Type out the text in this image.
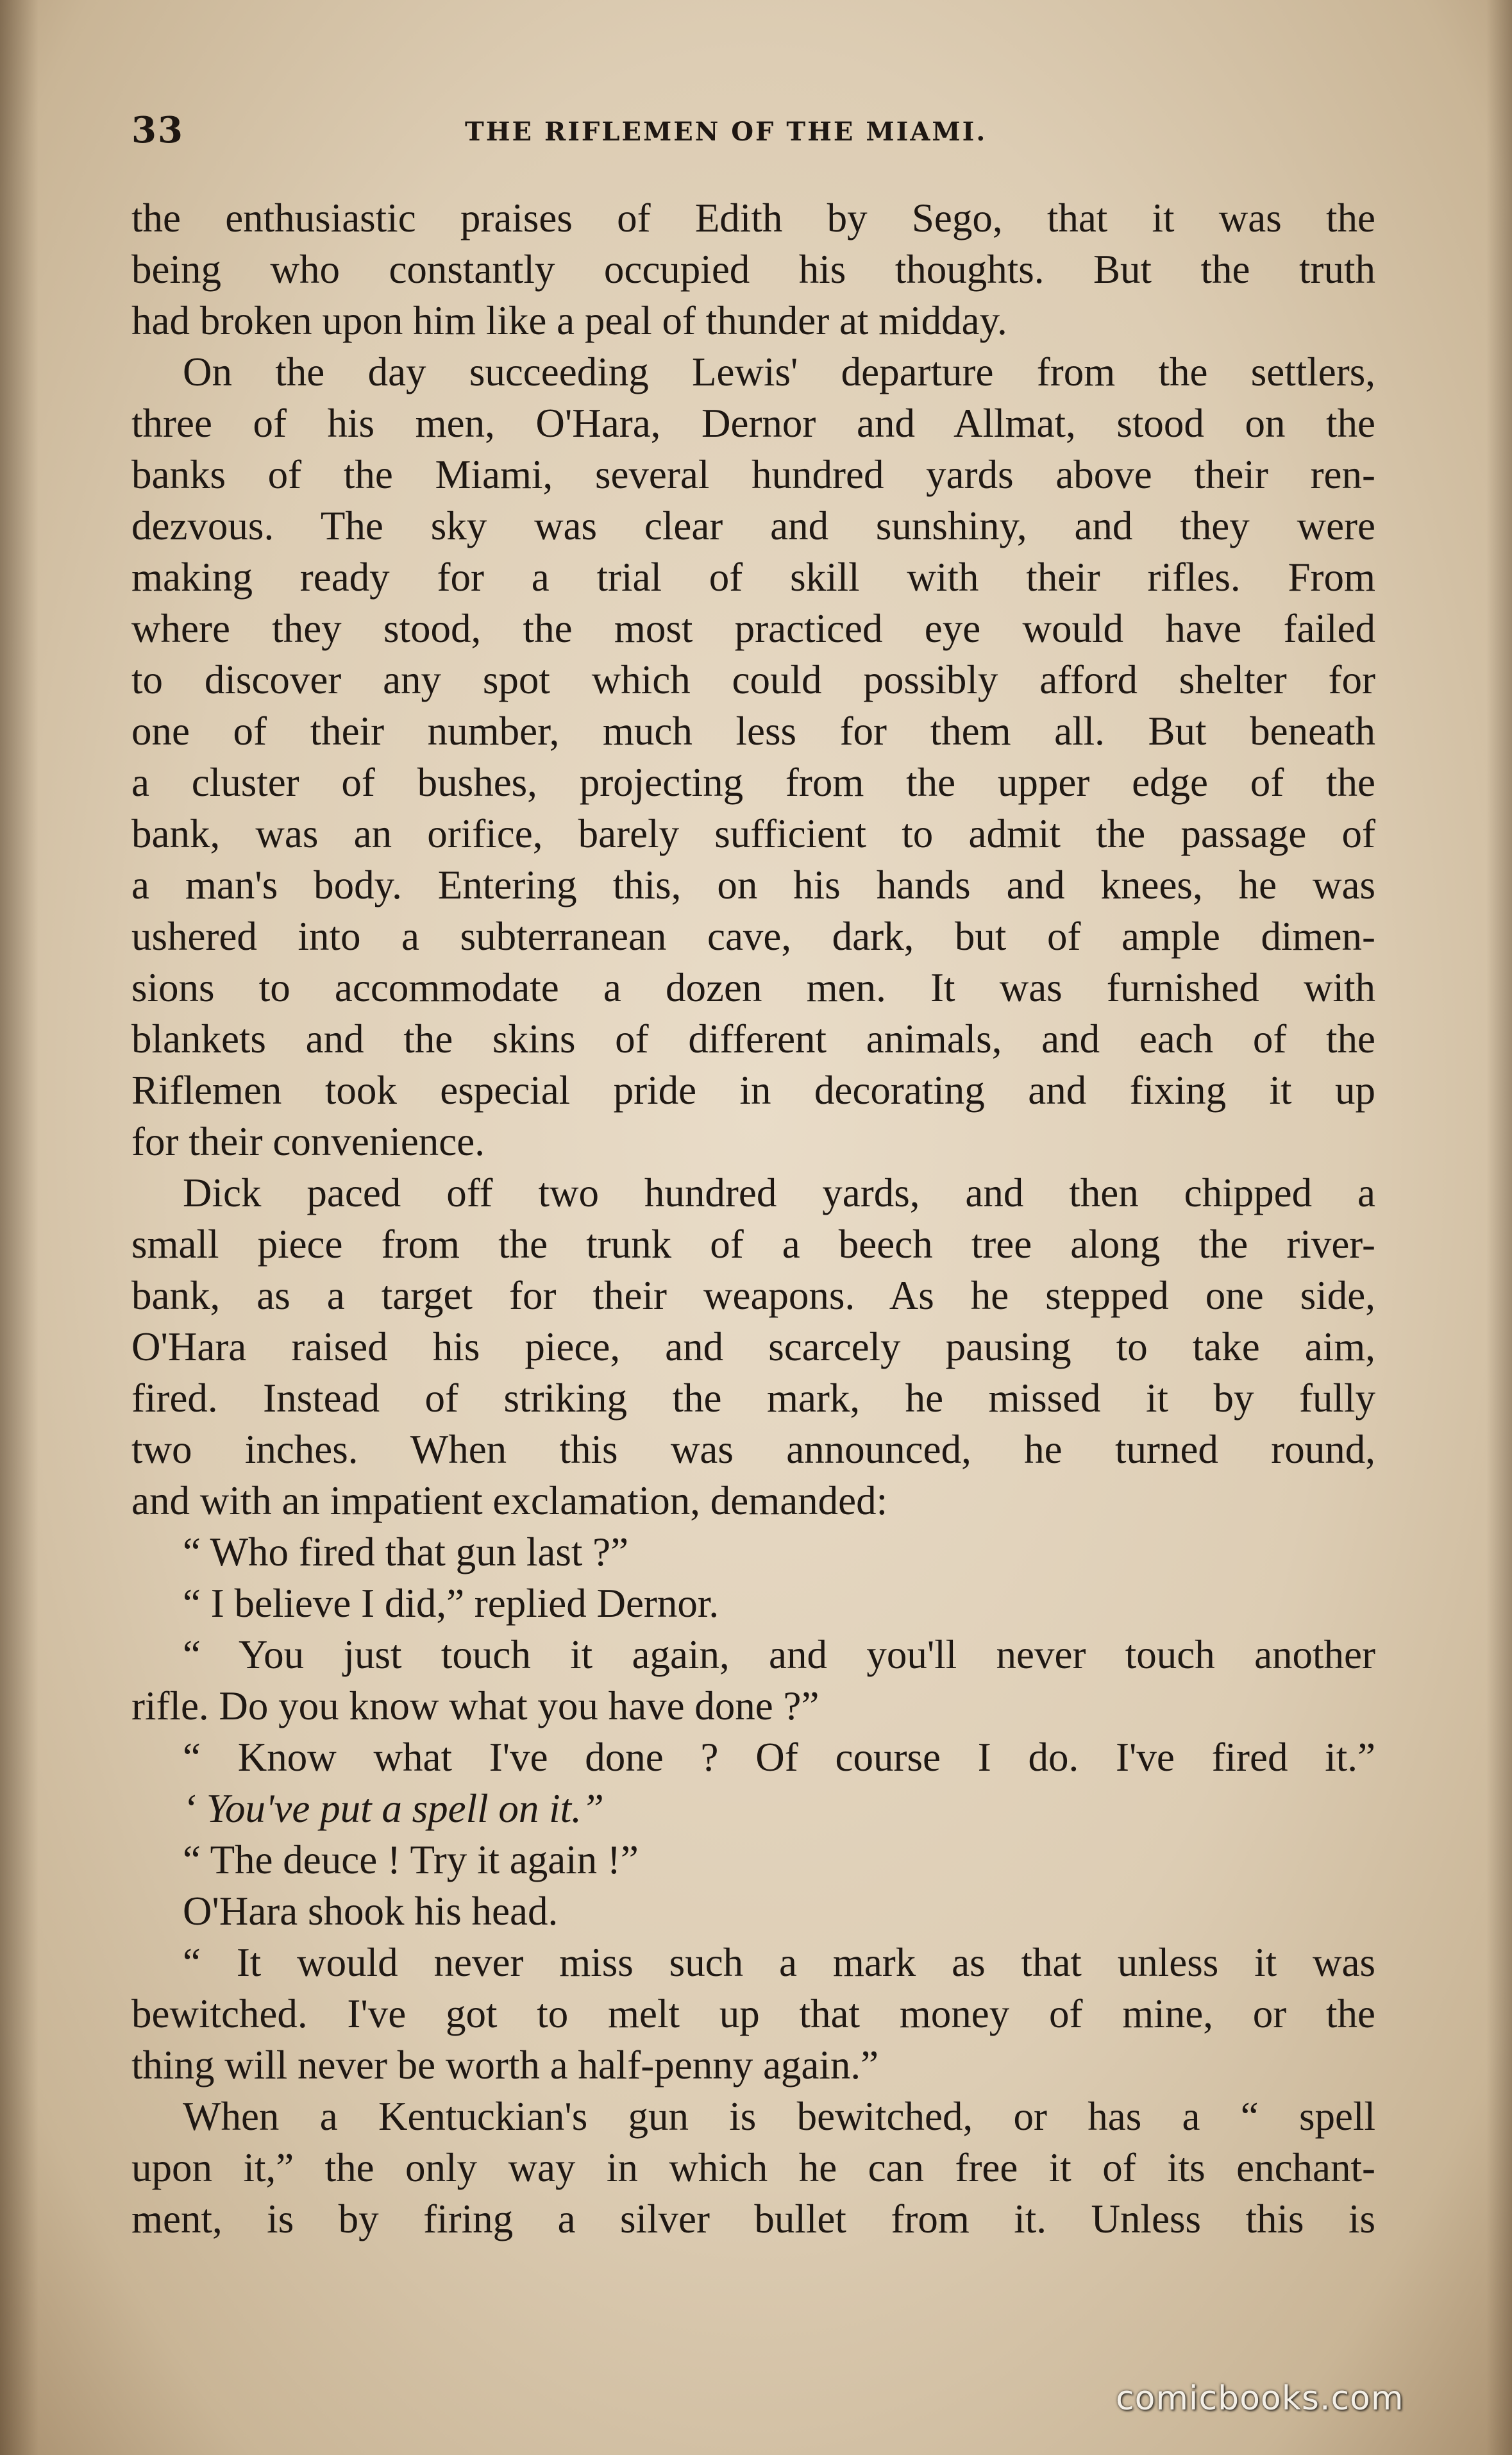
33	THE RIFLEMEN OF THE MIAMI.
the enthusiastic praises of Edith by Sego, that it was the
being who constantly occupied his thoughts. But the truth
had broken upon him like a peal of thunder at midday.
On the day succeeding Lewis' departure from the settlers,
three of his men, O'Hara, Dernor and Allmat, stood on the
banks of the Miami, several hundred yards above their ren-
dezvous. The sky was clear and sunshiny, and they were
making ready for a trial of skill with their rifles. From
where they stood, the most practiced eye would have failed
to discover any spot which could possibly afford shelter for
one of their number, much less for them all. But beneath
a cluster of bushes, projecting from the upper edge of the
bank, was an orifice, barely sufficient to admit the passage of
a man's body. Entering this, on his hands and knees, he was
ushered into a subterranean cave, dark, but of ample dimen-
sions to accommodate a dozen men. It was furnished with
blankets and the skins of different animals, and each of the
Riflemen took especial pride in decorating and fixing it up
for their convenience.
Dick paced off two hundred yards, and then chipped a
small piece from the trunk of a beech tree along the river-
bank, as a target for their weapons. As he stepped one side,
O'Hara raised his piece, and scarcely pausing to take aim,
fired. Instead of striking the mark, he missed it by fully
two inches. When this was announced, he turned round,
and with an impatient exclamation, demanded:
“ Who fired that gun last ?”
“ I believe I did,” replied Dernor.
“ You just touch it again, and you'll never touch another
rifle. Do you know what you have done ?”
“ Know what I've done ? Of course I do. I've fired it.”
‘ You've put a spell on it.”
“ The deuce ! Try it again !”
O'Hara shook his head.
“ It would never miss such a mark as that unless it was
bewitched. I've got to melt up that money of mine, or the
thing will never be worth a half-penny again.”
When a Kentuckian's gun is bewitched, or has a “ spell
upon it,” the only way in which he can free it of its enchant-
ment, is by firing a silver bullet from it. Unless this is
comicbooks.com
